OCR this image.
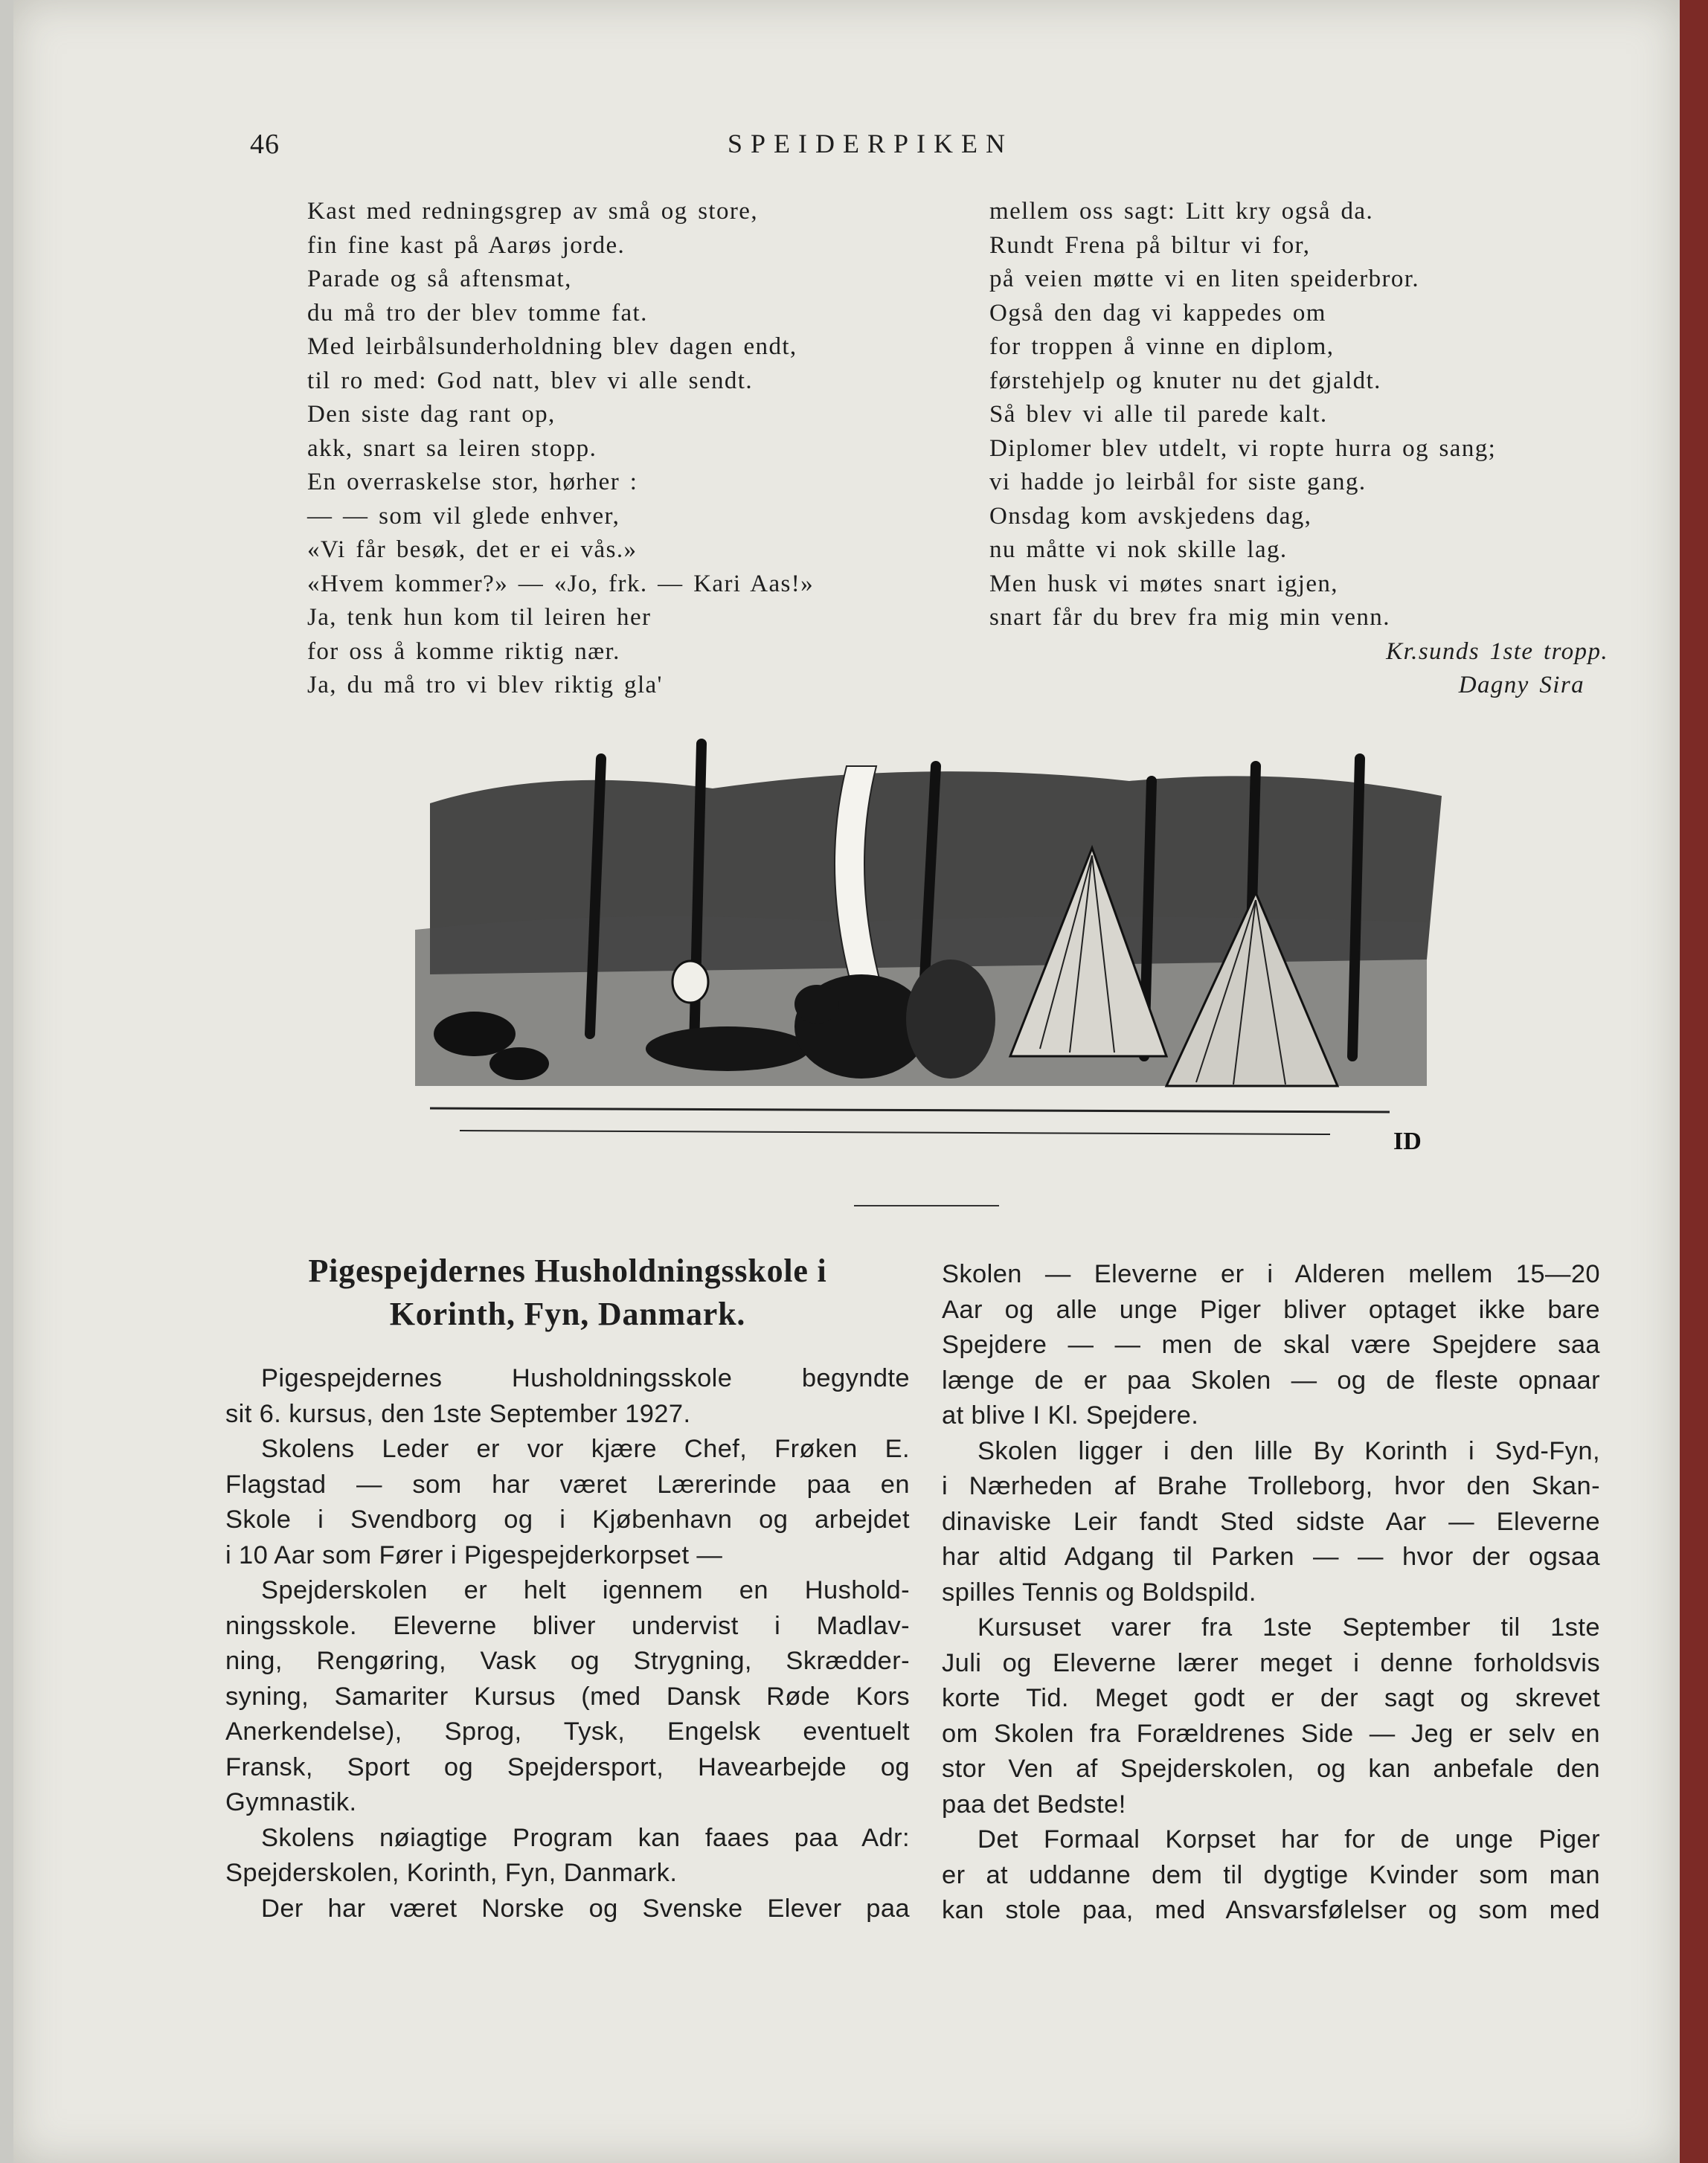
46	SPEIDERPIKEN
Kast med redningsgrep av små og store,
fin fine kast på Aarøs jorde.
Parade og så aftensmat,
du må tro der blev tomme fat.
Med leirbålsunderholdning blev dagen endt,
til ro med: God natt, blev vi alle sendt.
Den siste dag rant op,
akk, snart sa leiren stopp.
En overraskelse stor, hørher :
— — som vil glede enhver,
«Vi får besøk, det er ei vås.»
«Hvem kommer?» — «Jo, frk. — Kari Aas!»
Ja, tenk hun kom til leiren her
for oss å komme riktig nær.
Ja, du må tro vi blev riktig gla'
mellem oss sagt: Litt kry også da.
Rundt Frena på biltur vi for,
på veien møtte vi en liten speiderbror.
Også den dag vi kappedes om
for troppen å vinne en diplom,
førstehjelp og knuter nu det gjaldt.
Så blev vi alle til parede kalt.
Diplomer blev utdelt, vi ropte hurra og sang;
vi hadde jo leirbål for siste gang.
Onsdag kom avskjedens dag,
nu måtte vi nok skille lag.
Men husk vi møtes snart igjen,
snart får du brev fra mig min venn.
Kr.sunds 1ste tropp.
Dagny Sira
ID
Pigespejdernes Husholdningsskole i
Korinth, Fyn, Danmark.
Pigespejdernes Husholdningsskole begyndte
sit 6. kursus, den 1ste September 1927.
Skolens Leder er vor kjære Chef, Frøken E.
Flagstad — som har været Lærerinde paa en
Skole i Svendborg og i Kjøbenhavn og arbejdet
i 10 Aar som Fører i Pigespejderkorpset —
Spejderskolen er helt igennem en Hushold-
ningsskole. Eleverne bliver undervist i Madlav-
ning, Rengøring, Vask og Strygning, Skrædder-
syning, Samariter Kursus (med Dansk Røde Kors
Anerkendelse), Sprog, Tysk, Engelsk eventuelt
Fransk, Sport og Spejdersport, Havearbejde og
Gymnastik.
Skolens nøiagtige Program kan faaes paa Adr:
Spejderskolen, Korinth, Fyn, Danmark.
Der har været Norske og Svenske Elever paa
Skolen — Eleverne er i Alderen mellem 15—20
Aar og alle unge Piger bliver optaget ikke bare
Spejdere — — men de skal være Spejdere saa
længe de er paa Skolen — og de fleste opnaar
at blive I Kl. Spejdere.
Skolen ligger i den lille By Korinth i Syd-Fyn,
i Nærheden af Brahe Trolleborg, hvor den Skan-
dinaviske Leir fandt Sted sidste Aar — Eleverne
har altid Adgang til Parken — — hvor der ogsaa
spilles Tennis og Boldspild.
Kursuset varer fra 1ste September til 1ste
Juli og Eleverne lærer meget i denne forholdsvis
korte Tid. Meget godt er der sagt og skrevet
om Skolen fra Forældrenes Side — Jeg er selv en
stor Ven af Spejderskolen, og kan anbefale den
paa det Bedste!
Det Formaal Korpset har for de unge Piger
er at uddanne dem til dygtige Kvinder som man
kan stole paa, med Ansvarsfølelser og som med
